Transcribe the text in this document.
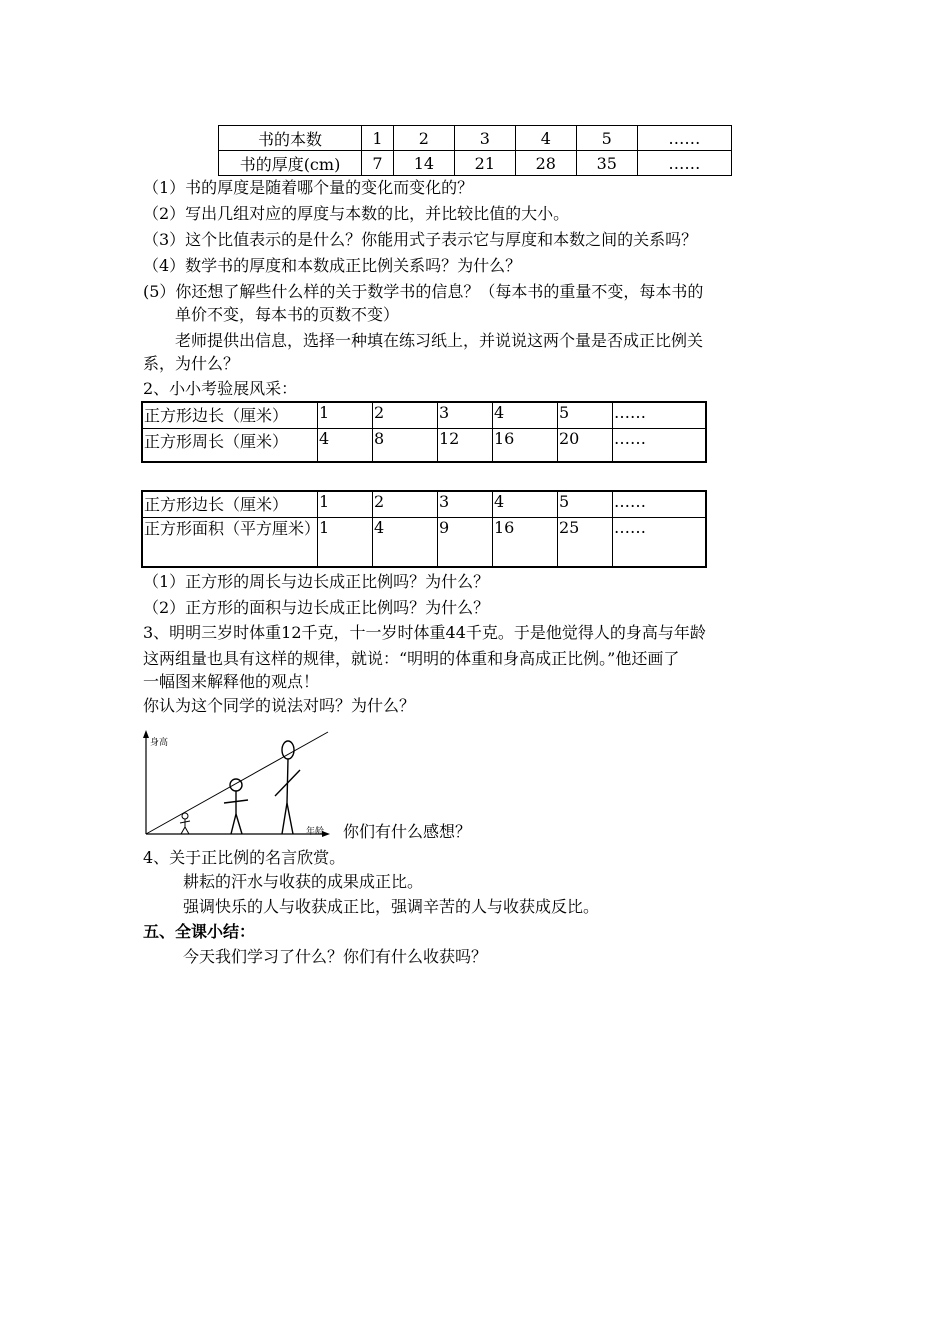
书的本数	1	2	3	4	5	……
书的厚度(cm)	7	14	21	28	35	……
（1）书的厚度是随着哪个量的变化而变化的？
（2）写出几组对应的厚度与本数的比，并比较比值的大小。
（3）这个比值表示的是什么？你能用式子表示它与厚度和本数之间的关系吗？
（4）数学书的厚度和本数成正比例关系吗？为什么？
(5）你还想了解些什么样的关于数学书的信息？（每本书的重量不变，每本书的
单价不变，每本书的页数不变）
老师提供出信息，选择一种填在练习纸上，并说说这两个量是否成正比例关
系，为什么？
2、小小考验展风采：
正方形边长（厘米）	1	2	3	4	5	……
正方形周长（厘米）	4	8	12	16	20	……
正方形边长（厘米）	1	2	3	4	5	……
正方形面积（平方厘米）	1	4	9	16	25	……
（1）正方形的周长与边长成正比例吗？为什么？
（2）正方形的面积与边长成正比例吗？为什么？
3、明明三岁时体重12千克，十一岁时体重44千克。于是他觉得人的身高与年龄
这两组量也具有这样的规律，就说：“明明的体重和身高成正比例。”他还画了
一幅图来解释他的观点！
你认为这个同学的说法对吗？为什么？
身高
年龄 你们有什么感想？
4、关于正比例的名言欣赏。
耕耘的汗水与收获的成果成正比。
强调快乐的人与收获成正比，强调辛苦的人与收获成反比。
五、全课小结：
今天我们学习了什么？你们有什么收获吗？
